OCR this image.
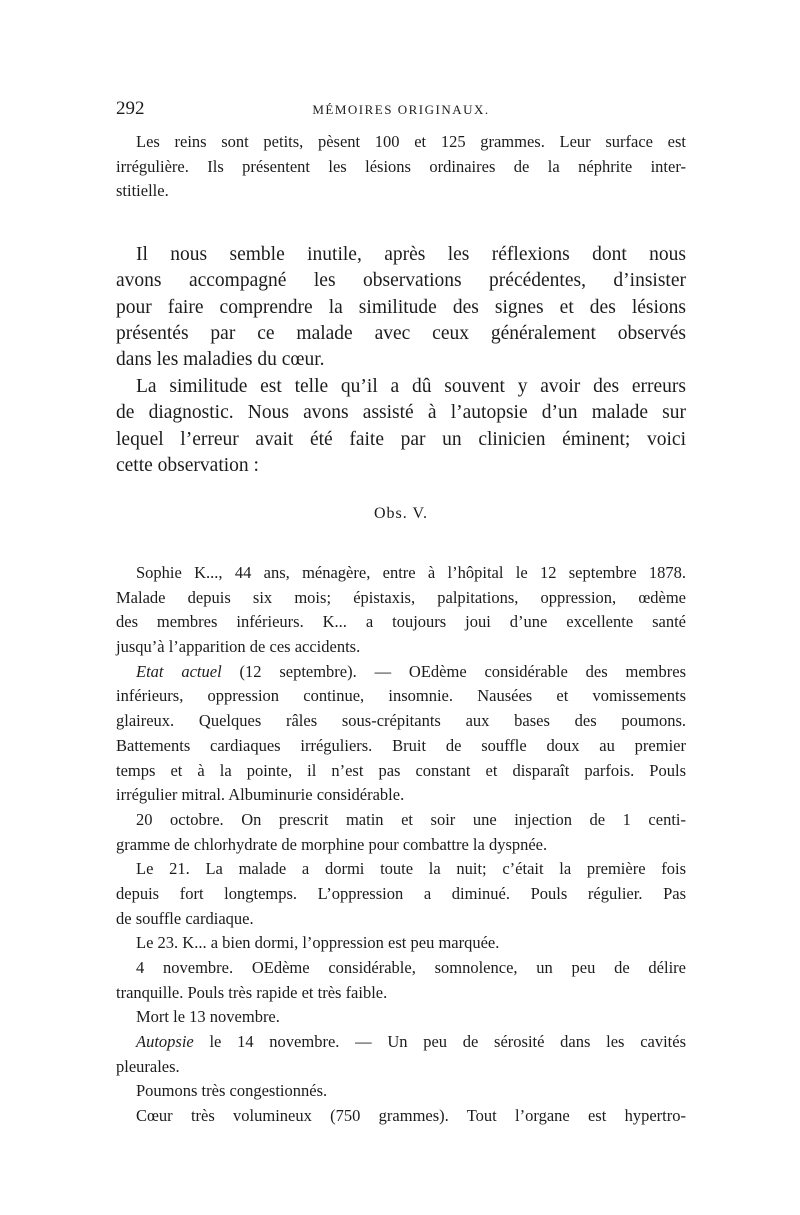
292	MÉMOIRES ORIGINAUX.
Les reins sont petits, pèsent 100 et 125 grammes. Leur surface est
irrégulière. Ils présentent les lésions ordinaires de la néphrite inter-
stitielle.
Il nous semble inutile, après les réflexions dont nous
avons accompagné les observations précédentes, d’insister
pour faire comprendre la similitude des signes et des lésions
présentés par ce malade avec ceux généralement observés
dans les maladies du cœur.
La similitude est telle qu’il a dû souvent y avoir des erreurs
de diagnostic. Nous avons assisté à l’autopsie d’un malade sur
lequel l’erreur avait été faite par un clinicien éminent; voici
cette observation :
Obs. V.
Sophie K..., 44 ans, ménagère, entre à l’hôpital le 12 septembre 1878.
Malade depuis six mois; épistaxis, palpitations, oppression, œdème
des membres inférieurs. K... a toujours joui d’une excellente santé
jusqu’à l’apparition de ces accidents.
Etat actuel (12 septembre). — OEdème considérable des membres
inférieurs, oppression continue, insomnie. Nausées et vomissements
glaireux. Quelques râles sous-crépitants aux bases des poumons.
Battements cardiaques irréguliers. Bruit de souffle doux au premier
temps et à la pointe, il n’est pas constant et disparaît parfois. Pouls
irrégulier mitral. Albuminurie considérable.
20 octobre. On prescrit matin et soir une injection de 1 centi-
gramme de chlorhydrate de morphine pour combattre la dyspnée.
Le 21. La malade a dormi toute la nuit; c’était la première fois
depuis fort longtemps. L’oppression a diminué. Pouls régulier. Pas
de souffle cardiaque.
Le 23. K... a bien dormi, l’oppression est peu marquée.
4 novembre. OEdème considérable, somnolence, un peu de délire
tranquille. Pouls très rapide et très faible.
Mort le 13 novembre.
Autopsie le 14 novembre. — Un peu de sérosité dans les cavités
pleurales.
Poumons très congestionnés.
Cœur très volumineux (750 grammes). Tout l’organe est hypertro-
